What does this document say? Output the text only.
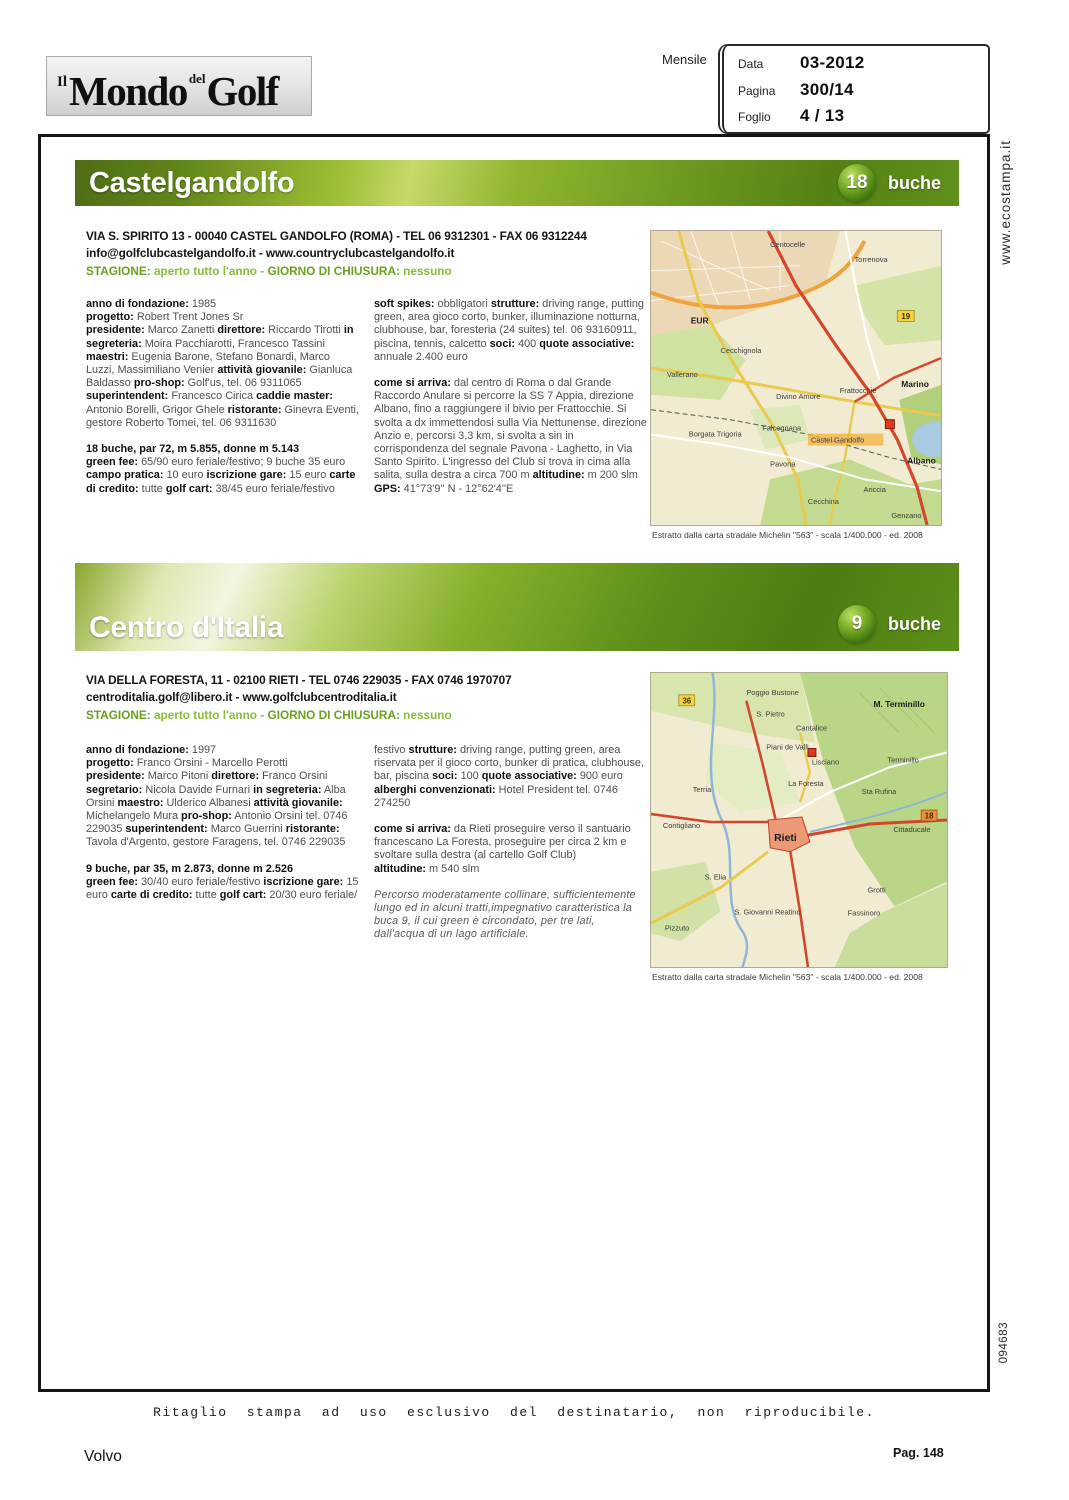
Il Mondo del Golf
Mensile	Data	03-2012
Pagina	300/14
Foglio	4 / 13
www.ecostampa.it
094683
Castelgandolfo	18	buche
VIA S. SPIRITO 13 - 00040 CASTEL GANDOLFO (ROMA) - TEL 06 9312301 - FAX 06 9312244
info@golfclubcastelgandolfo.it - www.countryclubcastelgandolfo.it
STAGIONE: aperto tutto l'anno - GIORNO DI CHIUSURA: nessuno

anno di fondazione: 1985

progetto: Robert Trent Jones Sr

presidente: Marco Zanetti direttore: Riccardo Tirotti in segreteria: Moira Pacchiarotti, Francesco Tassini maestri: Eugenia Barone, Stefano Bonardi, Marco Luzzi, Massimiliano Venier attività giovanile: Gianluca Baldasso pro-shop: Golf'us, tel. 06 9311065 superintendent: Francesco Cirica caddie master: Antonio Borelli, Grigor Ghele ristorante: Ginevra Eventi, gestore Roberto Tomei, tel. 06 9311630

18 buche, par 72, m 5.855, donne m 5.143

green fee: 65/90 euro feriale/festivo; 9 buche 35 euro campo pratica: 10 euro iscrizione gare: 15 euro carte di credito: tutte golf cart: 38/45 euro feriale/festivo

soft spikes: obbligatori strutture: driving range, putting green, area gioco corto, bunker, illuminazione notturna, clubhouse, bar, foresteria (24 suites) tel. 06 93160911, piscina, tennis, calcetto soci: 400 quote associative: annuale 2.400 euro

come si arriva: dal centro di Roma o dal Grande Raccordo Anulare si percorre la SS 7 Appia, direzione Albano, fino a raggiungere il bivio per Frattocchie. Si svolta a dx immettendosi sulla Via Nettunense, direzione Anzio e, percorsi 3,3 km, si svolta a sin in corrispondenza del segnale Pavona - Laghetto, in Via Santo Spirito. L'ingresso del Club si trova in cima alla salita, sulla destra a circa 700 m altitudine: m 200 slm GPS: 41°73'9'' N - 12°62'4''E

19
Centocelle
Torrenova
EUR
Cecchignola
Vallerano
Divino Amore
Frattocchie
Marino
Borgata Trigoria
Falcognana
Castel Gandolfo
Pavona	Albano
Ariccia
Cecchina
Genzano
Estratto dalla carta stradale Michelin "563" - scala 1/400.000 - ed. 2008
Centro d'Italia	9	buche
VIA DELLA FORESTA, 11 - 02100 RIETI - TEL 0746 229035 - FAX 0746 1970707
centroditalia.golf@libero.it - www.golfclubcentroditalia.it
STAGIONE: aperto tutto l'anno - GIORNO DI CHIUSURA: nessuno

anno di fondazione: 1997

progetto: Franco Orsini - Marcello Perotti

presidente: Marco Pitoni direttore: Franco Orsini segretario: Nicola Davide Furnari in segreteria: Alba Orsini maestro: Ulderico Albanesi attività giovanile: Michelangelo Mura pro-shop: Antonio Orsini tel. 0746 229035 superintendent: Marco Guerrini ristorante: Tavola d'Argento, gestore Faragens, tel. 0746 229035

9 buche, par 35, m 2.873, donne m 2.526

green fee: 30/40 euro feriale/festivo iscrizione gare: 15 euro carte di credito: tutte golf cart: 20/30 euro feriale/

festivo strutture: driving range, putting green, area riservata per il gioco corto, bunker di pratica, clubhouse, bar, piscina soci: 100 quote associative: 900 euro alberghi convenzionati: Hotel President tel. 0746 274250

come si arriva: da Rieti proseguire verso il santuario francescano La Foresta, proseguire per circa 2 km e svoltare sulla destra (al cartello Golf Club)

altitudine: m 540 slm

Percorso moderatamente collinare, sufficientemente lungo ed in alcuni tratti,impegnativo caratteristica la buca 9, il cui green è circondato, per tre lati, dall'acqua di un lago artificiale.

36
18
Poggio Bustone
S. Pietro
M. Terminillo
Cantalice
Piani de Valli
Lisciano
La Foresta
Terminillo
Terria	Sta Rufina
Rieti
Cittaducale
Contigliano
S. Elia
Grotti
Fassinoro
S. Giovanni Reatino
Pizzuto
Estratto dalla carta stradale Michelin "563" - scala 1/400.000 - ed. 2008
Ritaglio stampa ad uso esclusivo del destinatario, non riproducibile.
Volvo	Pag. 148
